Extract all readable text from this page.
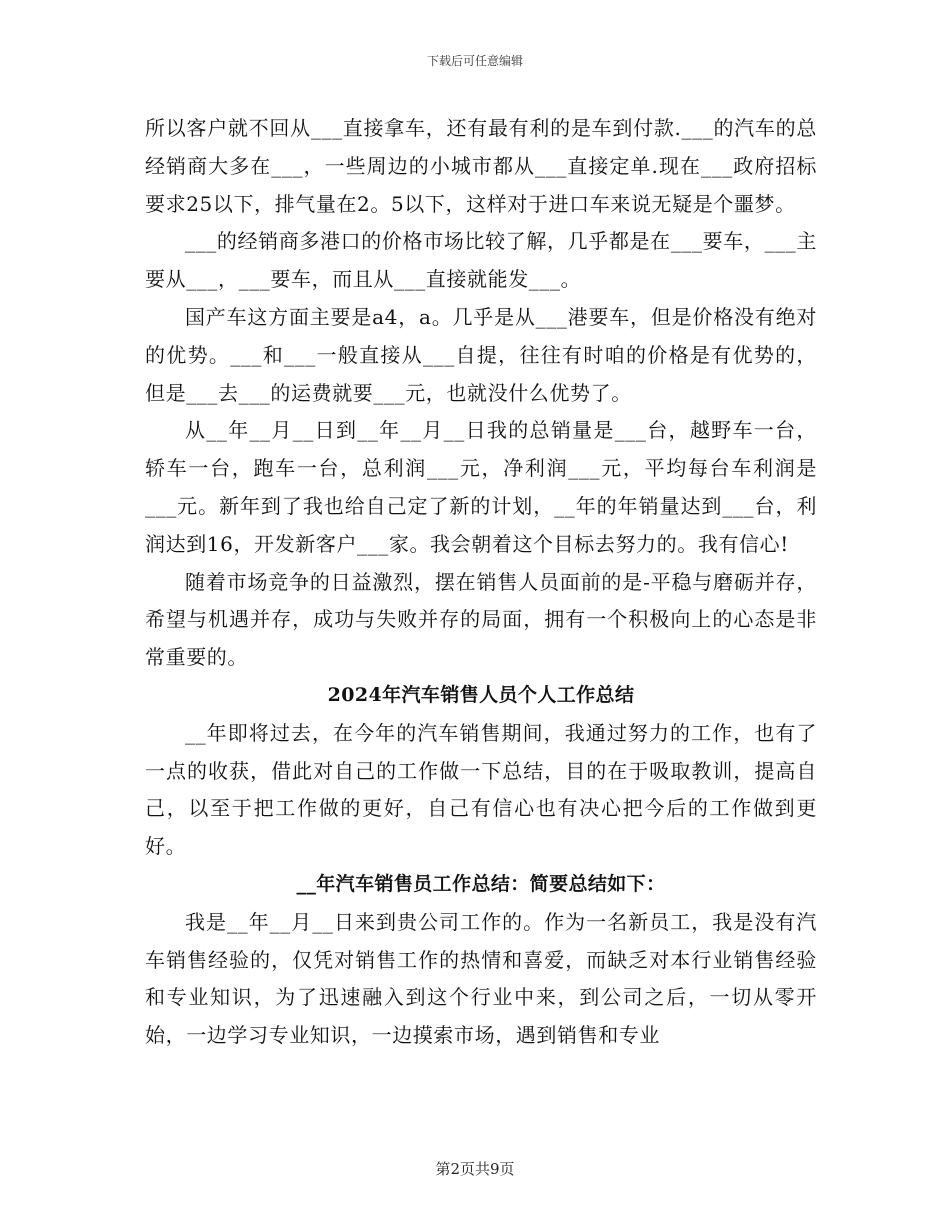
下载后可任意编辑

所以客户就不回从___直接拿车，还有最有利的是车到付款.___的汽车的总经销商大多在___，一些周边的小城市都从___直接定单.现在___政府招标要求25以下，排气量在2。5以下，这样对于进口车来说无疑是个噩梦。

___的经销商多港口的价格市场比较了解，几乎都是在___要车，___主要从___，___要车，而且从___直接就能发___。

国产车这方面主要是a4，a。几乎是从___港要车，但是价格没有绝对的优势。___和___一般直接从___自提，往往有时咱的价格是有优势的，但是___去___的运费就要___元，也就没什么优势了。

从__年__月__日到__年__月__日我的总销量是___台，越野车一台，轿车一台，跑车一台，总利润___元，净利润___元，平均每台车利润是___元。新年到了我也给自己定了新的计划，__年的年销量达到___台，利润达到16，开发新客户___家。我会朝着这个目标去努力的。我有信心!

随着市场竞争的日益激烈，摆在销售人员面前的是-平稳与磨砺并存，希望与机遇并存，成功与失败并存的局面，拥有一个积极向上的心态是非常重要的。

2024年汽车销售人员个人工作总结

__年即将过去，在今年的汽车销售期间，我通过努力的工作，也有了一点的收获，借此对自己的工作做一下总结，目的在于吸取教训，提高自己，以至于把工作做的更好，自己有信心也有决心把今后的工作做到更好。

__年汽车销售员工作总结：简要总结如下：

我是__年__月__日来到贵公司工作的。作为一名新员工，我是没有汽车销售经验的，仅凭对销售工作的热情和喜爱，而缺乏对本行业销售经验和专业知识，为了迅速融入到这个行业中来，到公司之后，一切从零开始，一边学习专业知识，一边摸索市场，遇到销售和专业

第2页共9页
